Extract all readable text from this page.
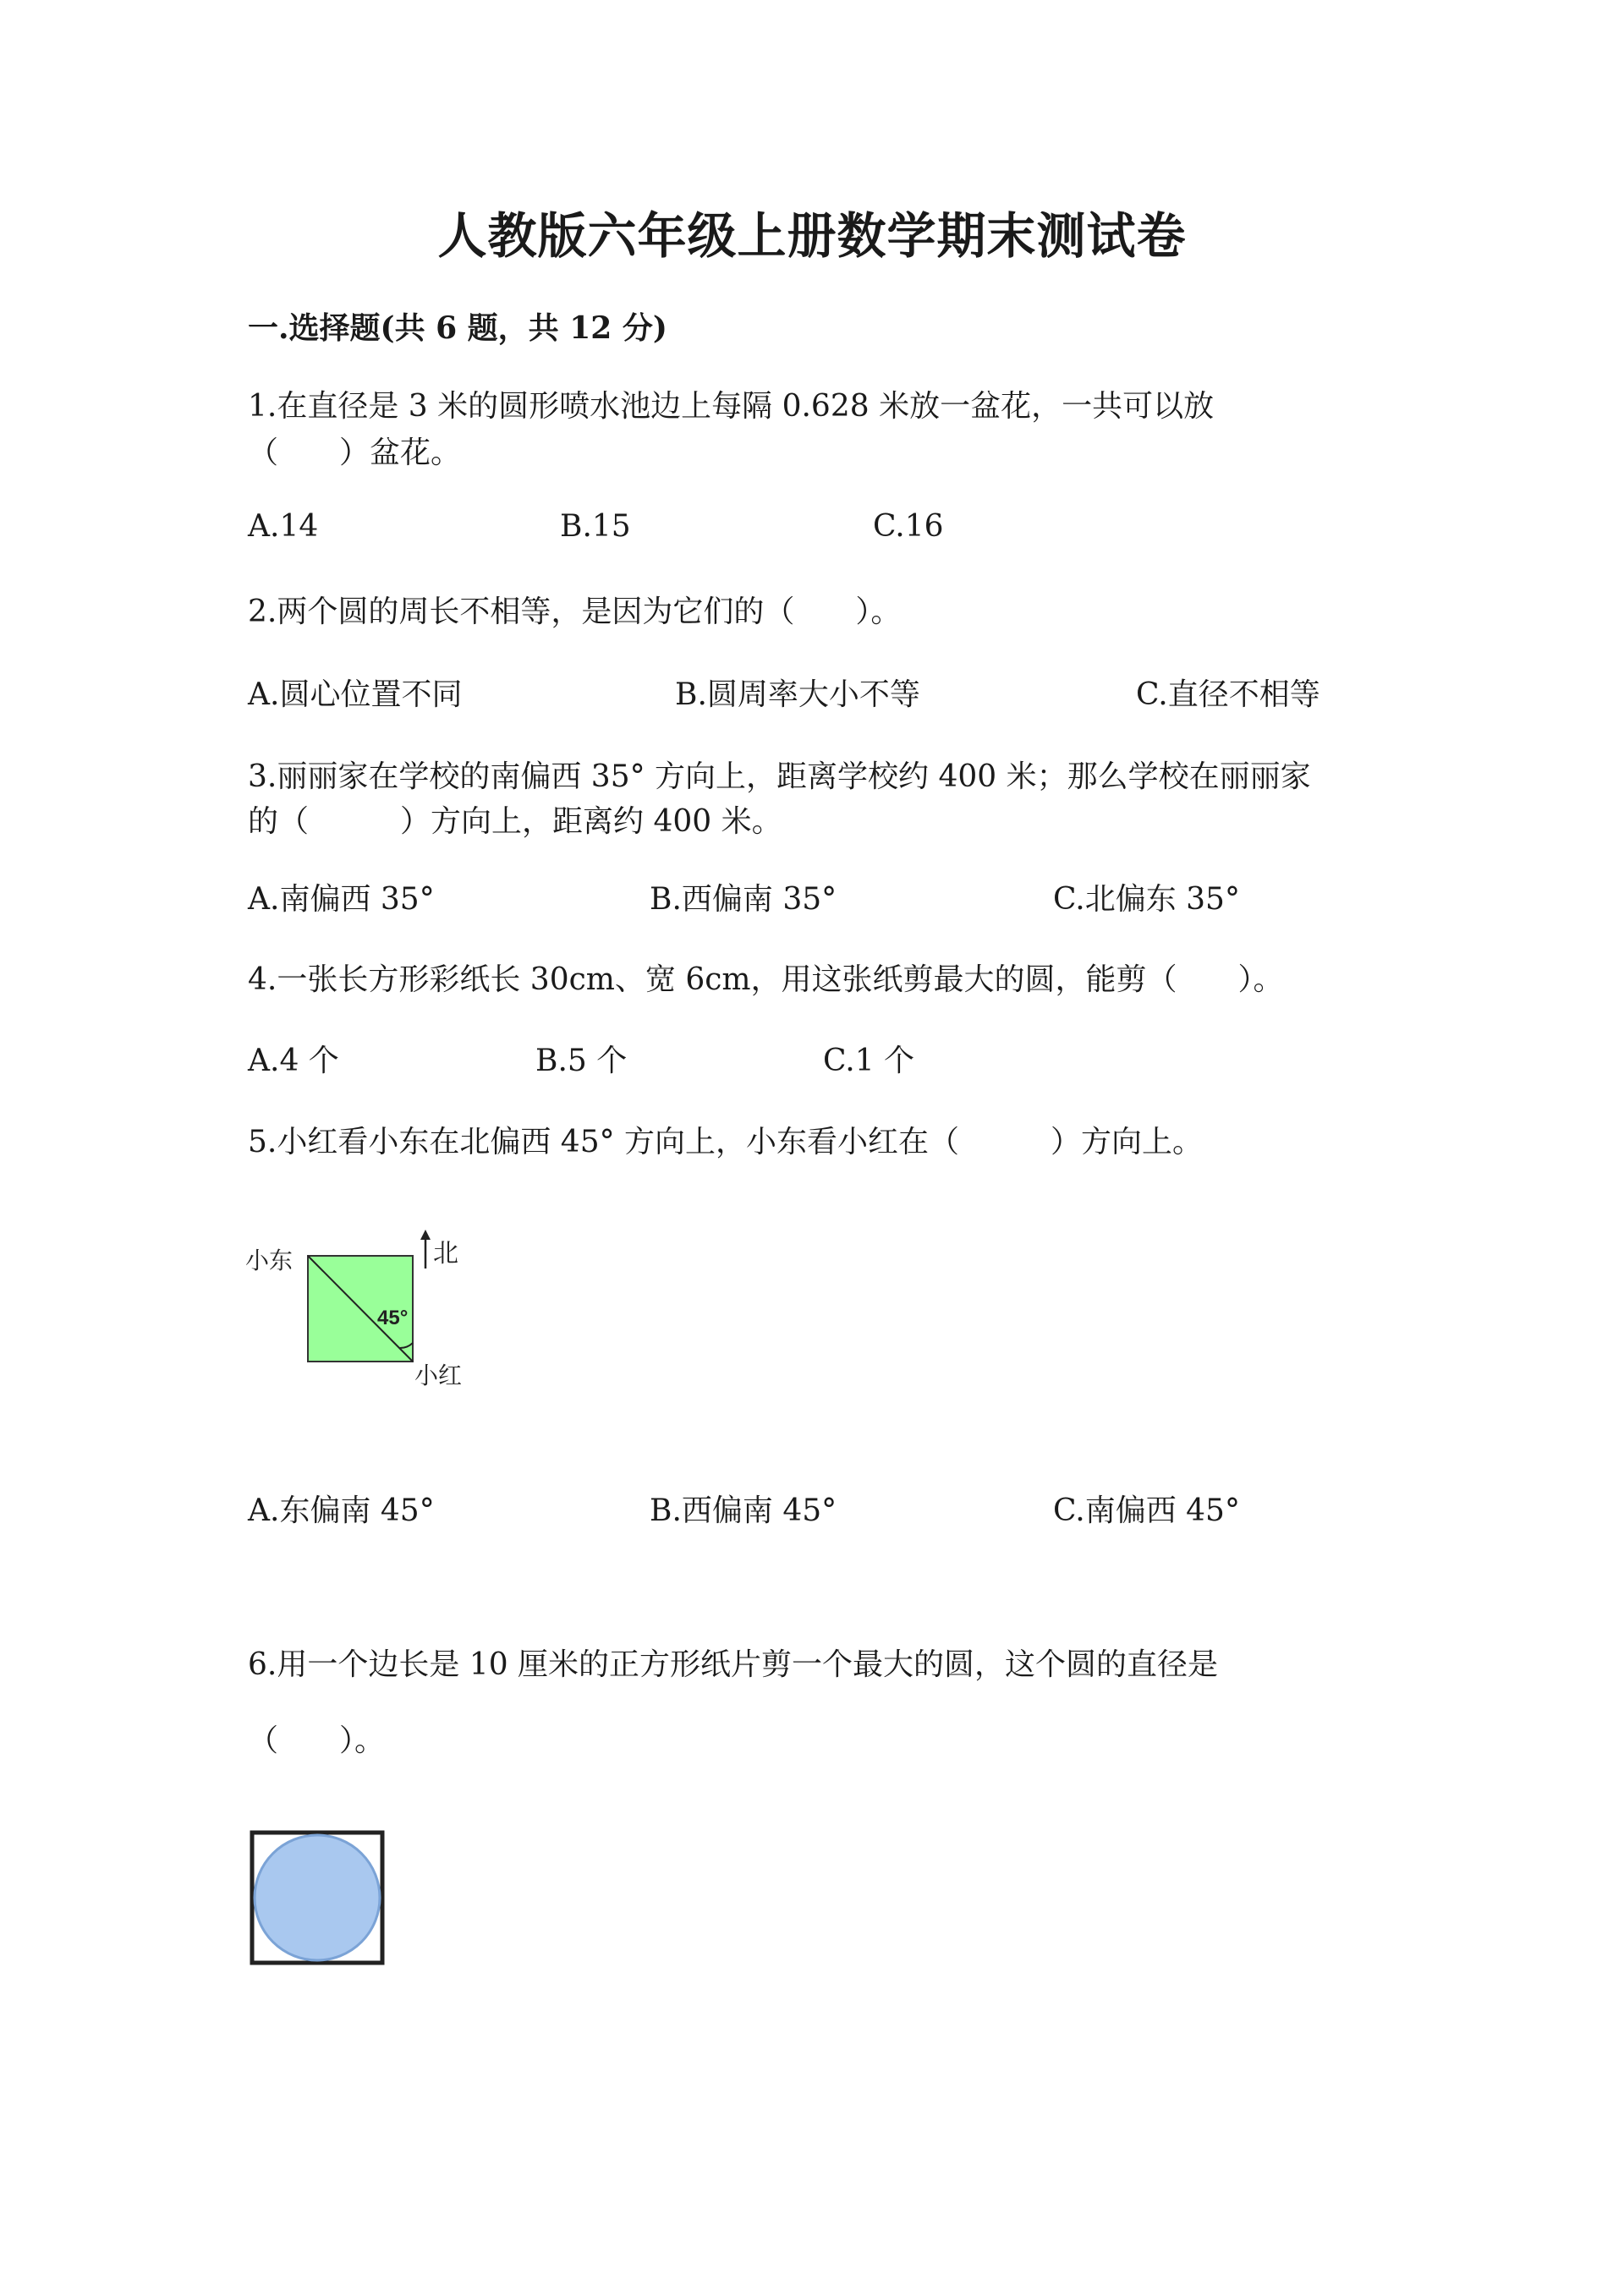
人教版六年级上册数学期末测试卷
一.选择题(共 6 题，共 12 分)
1.在直径是 3 米的圆形喷水池边上每隔 0.628 米放一盆花，一共可以放
（　　）盆花。
A.14	B.15	C.16
2.两个圆的周长不相等，是因为它们的（　　）。
A.圆心位置不同	B.圆周率大小不等	C.直径不相等
3.丽丽家在学校的南偏西 35° 方向上，距离学校约 400 米；那么学校在丽丽家
的（　　　）方向上，距离约 400 米。
A.南偏西 35°	B.西偏南 35°	C.北偏东 35°
4.一张长方形彩纸长 30cm、宽 6cm，用这张纸剪最大的圆，能剪（　　）。
A.4 个	B.5 个	C.1 个
5.小红看小东在北偏西 45° 方向上，小东看小红在（　　　）方向上。
小东	北
小红
45°
A.东偏南 45°	B.西偏南 45°	C.南偏西 45°
6.用一个边长是 10 厘米的正方形纸片剪一个最大的圆，这个圆的直径是
（　　）。
